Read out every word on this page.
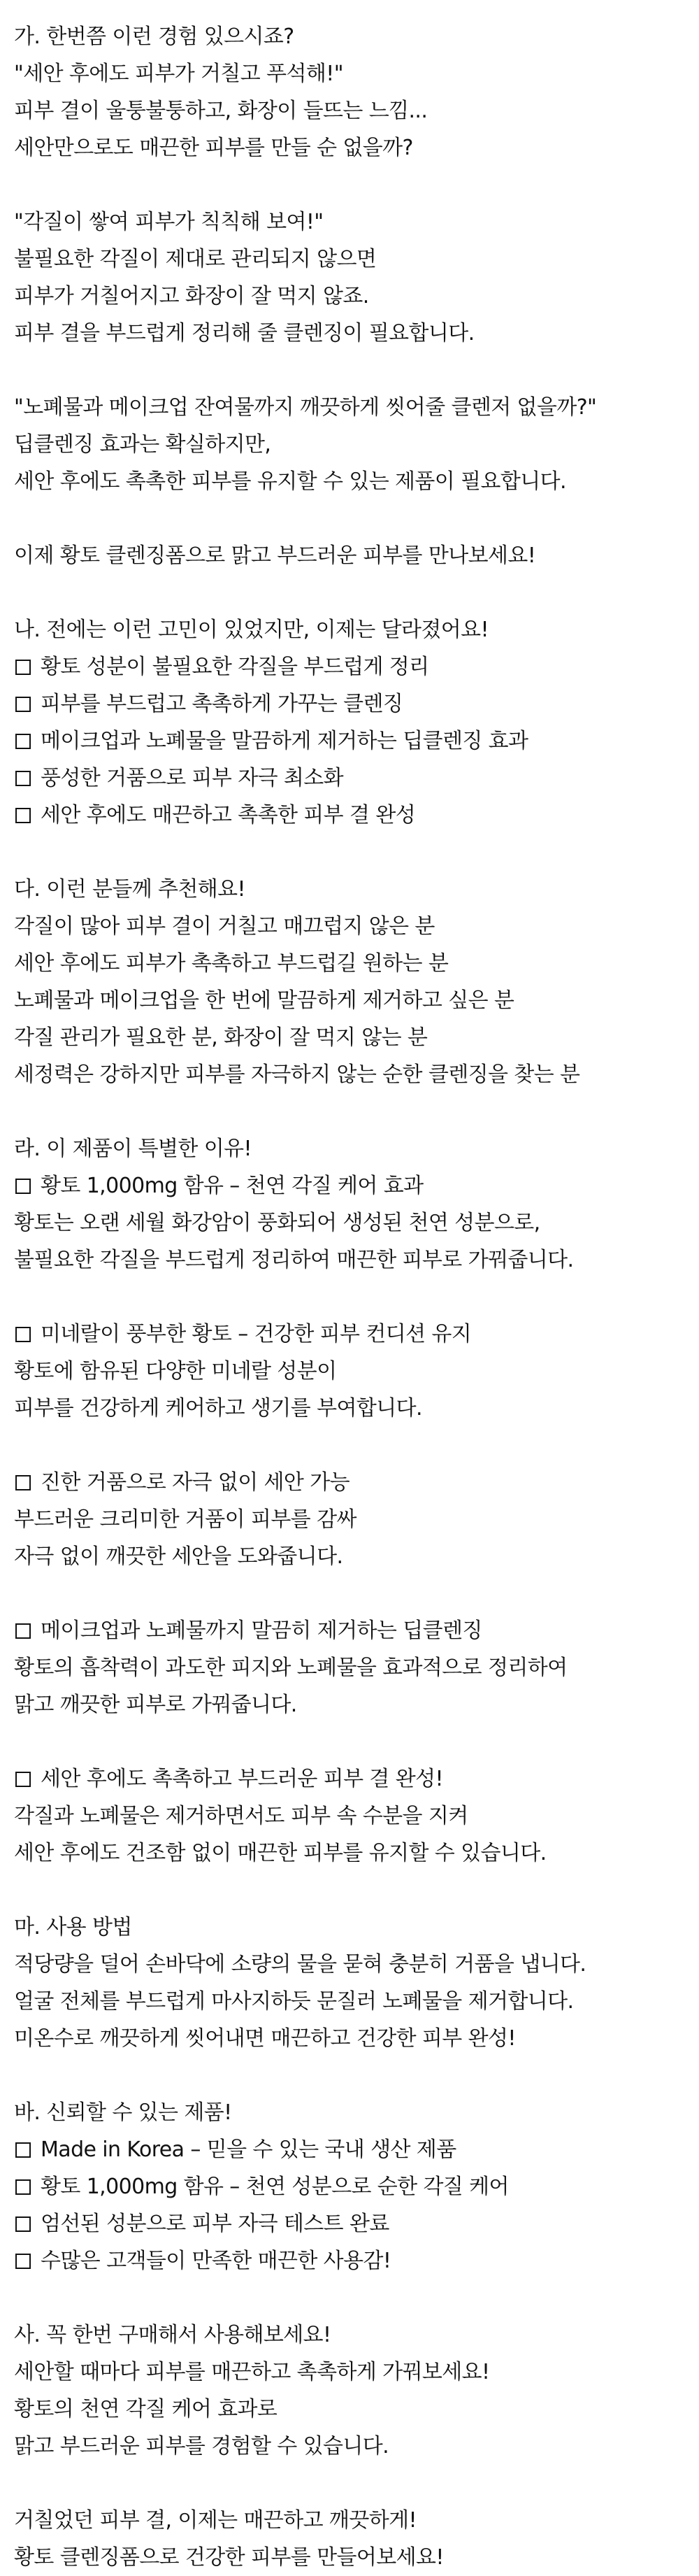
가. 한번쯤 이런 경험 있으시죠?
"세안 후에도 피부가 거칠고 푸석해!"
피부 결이 울퉁불퉁하고, 화장이 들뜨는 느낌...
세안만으로도 매끈한 피부를 만들 순 없을까?
"각질이 쌓여 피부가 칙칙해 보여!"
불필요한 각질이 제대로 관리되지 않으면
피부가 거칠어지고 화장이 잘 먹지 않죠.
피부 결을 부드럽게 정리해 줄 클렌징이 필요합니다.
"노폐물과 메이크업 잔여물까지 깨끗하게 씻어줄 클렌저 없을까?"
딥클렌징 효과는 확실하지만,
세안 후에도 촉촉한 피부를 유지할 수 있는 제품이 필요합니다.
이제 황토 클렌징폼으로 맑고 부드러운 피부를 만나보세요!
나. 전에는 이런 고민이 있었지만, 이제는 달라졌어요!
황토 성분이 불필요한 각질을 부드럽게 정리
피부를 부드럽고 촉촉하게 가꾸는 클렌징
메이크업과 노폐물을 말끔하게 제거하는 딥클렌징 효과
풍성한 거품으로 피부 자극 최소화
세안 후에도 매끈하고 촉촉한 피부 결 완성
다. 이런 분들께 추천해요!
각질이 많아 피부 결이 거칠고 매끄럽지 않은 분
세안 후에도 피부가 촉촉하고 부드럽길 원하는 분
노폐물과 메이크업을 한 번에 말끔하게 제거하고 싶은 분
각질 관리가 필요한 분, 화장이 잘 먹지 않는 분
세정력은 강하지만 피부를 자극하지 않는 순한 클렌징을 찾는 분
라. 이 제품이 특별한 이유!
황토 1,000mg 함유 – 천연 각질 케어 효과
황토는 오랜 세월 화강암이 풍화되어 생성된 천연 성분으로,
불필요한 각질을 부드럽게 정리하여 매끈한 피부로 가꿔줍니다.
미네랄이 풍부한 황토 – 건강한 피부 컨디션 유지
황토에 함유된 다양한 미네랄 성분이
피부를 건강하게 케어하고 생기를 부여합니다.
진한 거품으로 자극 없이 세안 가능
부드러운 크리미한 거품이 피부를 감싸
자극 없이 깨끗한 세안을 도와줍니다.
메이크업과 노폐물까지 말끔히 제거하는 딥클렌징
황토의 흡착력이 과도한 피지와 노폐물을 효과적으로 정리하여
맑고 깨끗한 피부로 가꿔줍니다.
세안 후에도 촉촉하고 부드러운 피부 결 완성!
각질과 노폐물은 제거하면서도 피부 속 수분을 지켜
세안 후에도 건조함 없이 매끈한 피부를 유지할 수 있습니다.
마. 사용 방법
적당량을 덜어 손바닥에 소량의 물을 묻혀 충분히 거품을 냅니다.
얼굴 전체를 부드럽게 마사지하듯 문질러 노폐물을 제거합니다.
미온수로 깨끗하게 씻어내면 매끈하고 건강한 피부 완성!
바. 신뢰할 수 있는 제품!
Made in Korea – 믿을 수 있는 국내 생산 제품
황토 1,000mg 함유 – 천연 성분으로 순한 각질 케어
엄선된 성분으로 피부 자극 테스트 완료
수많은 고객들이 만족한 매끈한 사용감!
사. 꼭 한번 구매해서 사용해보세요!
세안할 때마다 피부를 매끈하고 촉촉하게 가꿔보세요!
황토의 천연 각질 케어 효과로
맑고 부드러운 피부를 경험할 수 있습니다.
거칠었던 피부 결, 이제는 매끈하고 깨끗하게!
황토 클렌징폼으로 건강한 피부를 만들어보세요!
